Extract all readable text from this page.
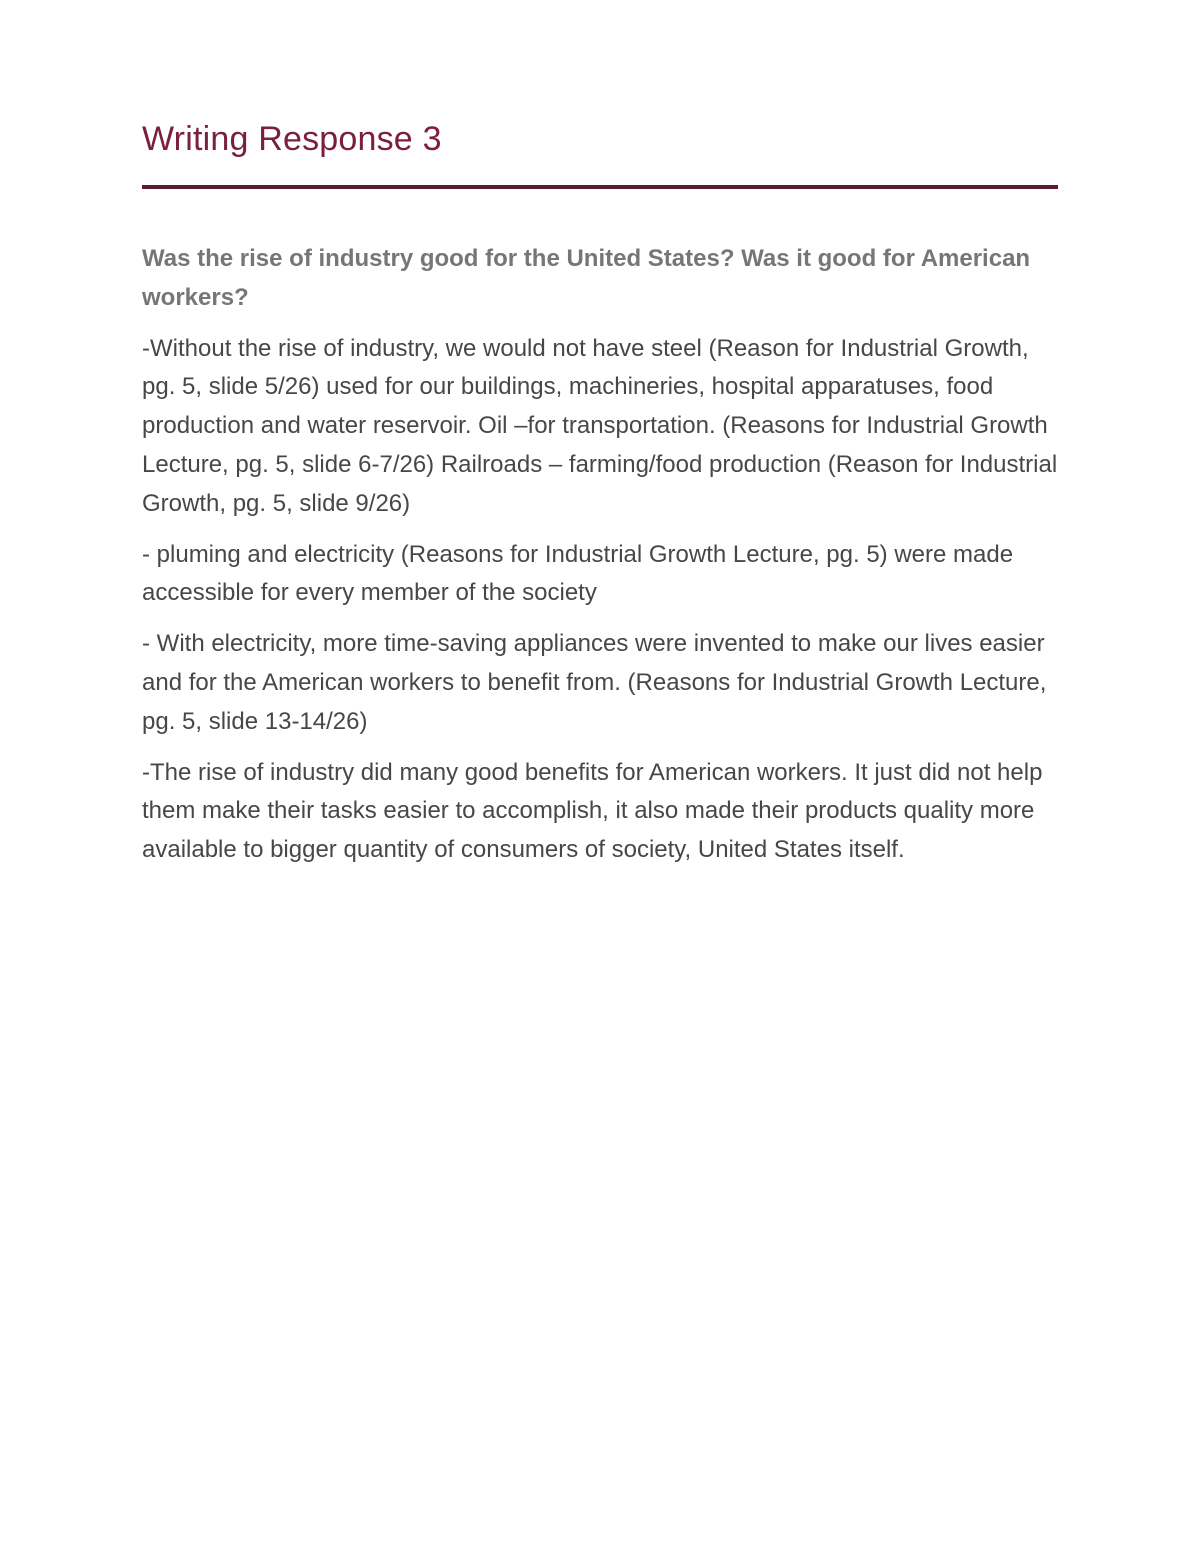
Writing Response 3

Was the rise of industry good for the United States? Was it good for American workers?

-Without the rise of industry, we would not have steel (Reason for Industrial Growth, pg. 5, slide 5/26) used for our buildings, machineries, hospital apparatuses, food production and water reservoir. Oil –for transportation. (Reasons for Industrial Growth Lecture, pg. 5, slide 6-7/26) Railroads – farming/food production (Reason for Industrial Growth, pg. 5, slide 9/26)

- pluming and electricity (Reasons for Industrial Growth Lecture, pg. 5) were made accessible for every member of the society

- With electricity, more time-saving appliances were invented to make our lives easier and for the American workers to benefit from. (Reasons for Industrial Growth Lecture, pg. 5, slide 13-14/26)

-The rise of industry did many good benefits for American workers. It just did not help them make their tasks easier to accomplish, it also made their products quality more available to bigger quantity of consumers of society, United States itself.
